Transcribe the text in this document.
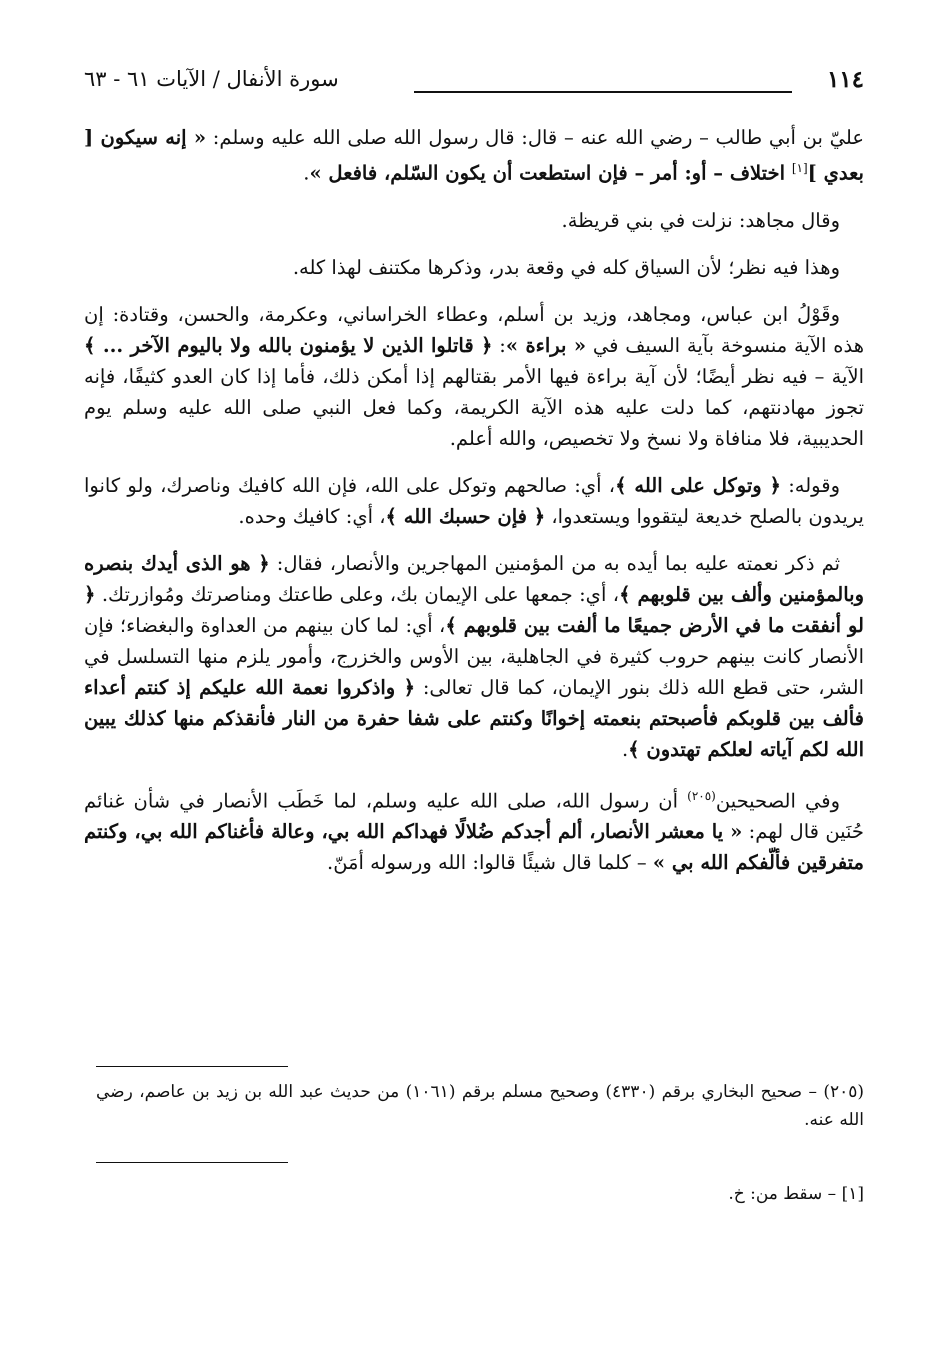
١١٤
سورة الأنفال / الآيات ٦١ - ٦٣

عليّ بن أبي طالب – رضي الله عنه – قال: قال رسول الله صلى الله عليه وسلم: « إنه سيكون [ بعدي ][١] اختلاف – أو: أمر – فإن استطعت أن يكون السّلم، فافعل ».

وقال مجاهد: نزلت في بني قريظة.

وهذا فيه نظر؛ لأن السياق كله في وقعة بدر، وذكرها مكتنف لهذا كله.

وقَوْلُ ابن عباس، ومجاهد، وزيد بن أسلم، وعطاء الخراساني، وعكرمة، والحسن، وقتادة: إن هذه الآية منسوخة بآية السيف في « براءة »: ﴿ قاتلوا الذين لا يؤمنون بالله ولا باليوم الآخر ... ﴾ الآية – فيه نظر أيضًا؛ لأن آية براءة فيها الأمر بقتالهم إذا أمكن ذلك، فأما إذا كان العدو كثيفًا، فإنه تجوز مهادنتهم، كما دلت عليه هذه الآية الكريمة، وكما فعل النبي صلى الله عليه وسلم يوم الحديبية، فلا منافاة ولا نسخ ولا تخصيص، والله أعلم.

وقوله: ﴿ وتوكل على الله ﴾، أي: صالحهم وتوكل على الله، فإن الله كافيك وناصرك، ولو كانوا يريدون بالصلح خديعة ليتقووا ويستعدوا، ﴿ فإن حسبك الله ﴾، أي: كافيك وحده.

ثم ذكر نعمته عليه بما أيده به من المؤمنين المهاجرين والأنصار، فقال: ﴿ هو الذى أيدك بنصره وبالمؤمنين وألف بين قلوبهم ﴾، أي: جمعها على الإيمان بك، وعلى طاعتك ومناصرتك ومُوازرتك. ﴿ لو أنفقت ما في الأرض جميعًا ما ألفت بين قلوبهم ﴾، أي: لما كان بينهم من العداوة والبغضاء؛ فإن الأنصار كانت بينهم حروب كثيرة في الجاهلية، بين الأوس والخزرج، وأمور يلزم منها التسلسل في الشر، حتى قطع الله ذلك بنور الإيمان، كما قال تعالى: ﴿ واذكروا نعمة الله عليكم إذ كنتم أعداء فألف بين قلوبكم فأصبحتم بنعمته إخوانًا وكنتم على شفا حفرة من النار فأنقذكم منها كذلك يبين الله لكم آياته لعلكم تهتدون ﴾.

وفي الصحيحين$^{(٢٠٥)}$ أن رسول الله، صلى الله عليه وسلم، لما خَطَب الأنصار في شأن غنائم حُنَين قال لهم: « يا معشر الأنصار، ألم أجدكم ضُلالًا فهداكم الله بي، وعالة فأغناكم الله بي، وكنتم متفرقين فألّفكم الله بي » – كلما قال شيئًا قالوا: الله ورسوله أمَنّ.

(٢٠٥) – صحيح البخاري برقم (٤٣٣٠) وصحيح مسلم برقم (١٠٦١) من حديث عبد الله بن زيد بن عاصم، رضي الله عنه.
[١] – سقط من: خ.
